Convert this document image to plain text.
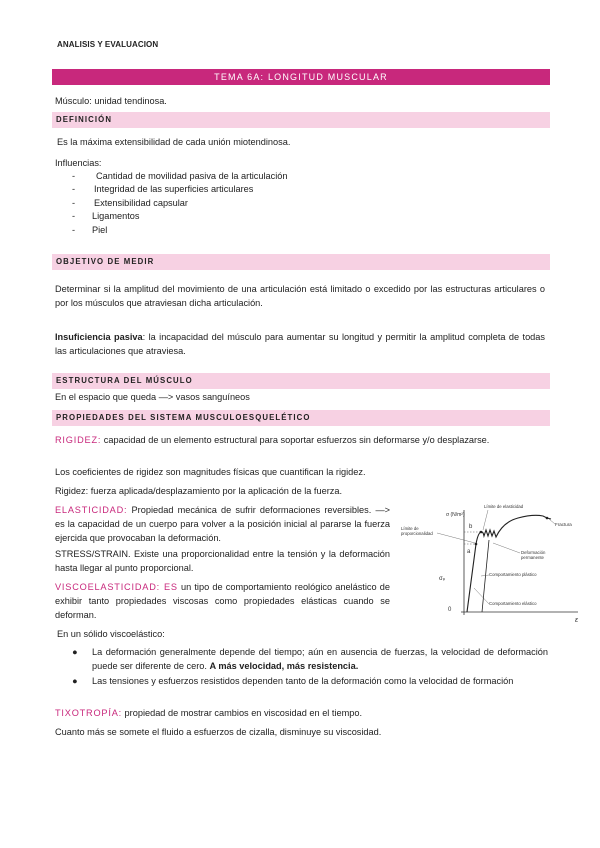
ANALISIS Y EVALUACION
TEMA 6A: LONGITUD MUSCULAR
Músculo: unidad tendinosa.
DEFINICIÓN
Es la máxima extensibilidad de cada unión miotendinosa.
Influencias:
- Cantidad de movilidad pasiva de la articulación
- Integridad de las superficies articulares
- Extensibilidad capsular
- Ligamentos
- Piel
OBJETIVO DE MEDIR
Determinar si la amplitud del movimiento de una articulación está limitado o excedido por las estructuras articulares o por los músculos que atraviesan dicha articulación.
Insuficiencia pasiva: la incapacidad del músculo para aumentar su longitud y permitir la amplitud completa de todas las articulaciones que atraviesa.
ESTRUCTURA DEL MÚSCULO
En el espacio que queda —> vasos sanguíneos
PROPIEDADES DEL SISTEMA MUSCULOESQUELÉTICO
RIGIDEZ: capacidad de un elemento estructural para soportar esfuerzos sin deformarse y/o desplazarse.
Los coeficientes de rigidez son magnitudes físicas que cuantifican la rigidez.
Rigidez: fuerza aplicada/desplazamiento por la aplicación de la fuerza.
ELASTICIDAD: Propiedad mecánica de sufrir deformaciones reversibles. —> es la capacidad de un cuerpo para volver a la posición inicial al pararse la fuerza ejercida que provocaban la deformación.
STRESS/STRAIN. Existe una proporcionalidad entre la tensión y la deformación hasta llegar al punto proporcional.
VISCOELASTICIDAD: ES un tipo de comportamiento reológico anelástico de exhibir tanto propiedades viscosas como propiedades elásticas cuando se deforman.
En un sólido viscoelástico:
● La deformación generalmente depende del tiempo; aún en ausencia de fuerzas, la velocidad de deformación puede ser diferente de cero. A más velocidad, más resistencia.
● Las tensiones y esfuerzos resistidos dependen tanto de la deformación como la velocidad de formación
TIXOTROPÍA: propiedad de mostrar cambios en viscosidad en el tiempo.
Cuanto más se somete el fluido a esfuerzos de cizalla, disminuye su viscosidad.
σ (N/m²)
ε
σₚ
0
a
b
Límite de elasticidad
Límite de proporcionalidad
Fractura
Deformación permanente
Comportamiento plástico
Comportamiento elástico
